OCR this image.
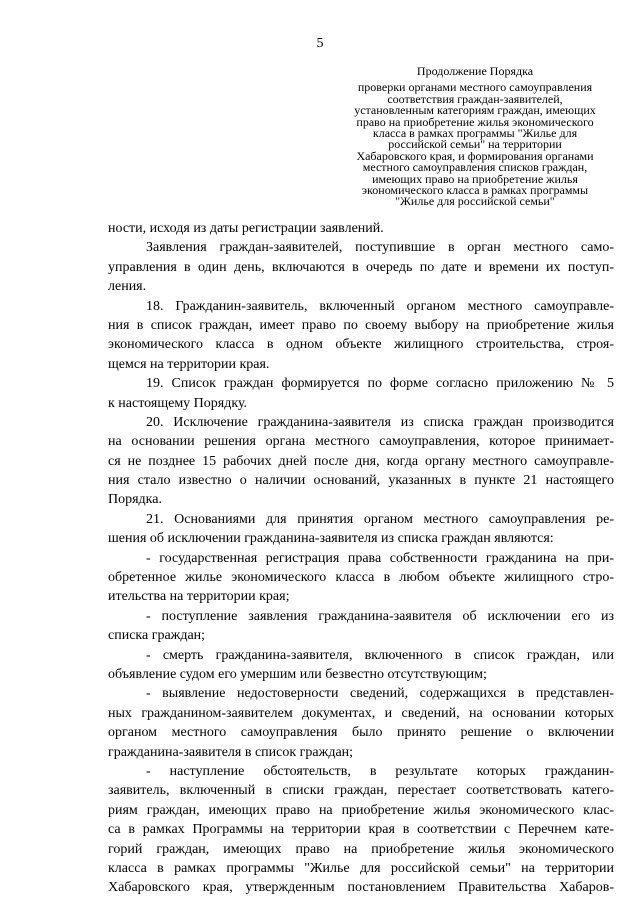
5
Продолжение Порядка
проверки органами местного самоуправления
соответствия граждан-заявителей,
установленным категориям граждан, имеющих
право на приобретение жилья экономического
класса в рамках программы "Жилье для
российской семьи" на территории
Хабаровского края, и формирования органами
местного самоуправления списков граждан,
имеющих право на приобретение жилья
экономического класса в рамках программы
"Жилье для российской семьи"
ности, исходя из даты регистрации заявлений.
Заявления граждан-заявителей, поступившие в орган местного само-
управления в один день, включаются в очередь по дате и времени их поступ-
ления.
18. Гражданин-заявитель, включенный органом местного самоуправле-
ния в список граждан, имеет право по своему выбору на приобретение жилья
экономического класса в одном объекте жилищного строительства, строя-
щемся на территории края.
19. Список граждан формируется по форме согласно приложению № 5
к настоящему Порядку.
20. Исключение гражданина-заявителя из списка граждан производится
на основании решения органа местного самоуправления, которое принимает-
ся не позднее 15 рабочих дней после дня, когда органу местного самоуправле-
ния стало известно о наличии оснований, указанных в пункте 21 настоящего
Порядка.
21. Основаниями для принятия органом местного самоуправления ре-
шения об исключении гражданина-заявителя из списка граждан являются:
- государственная регистрация права собственности гражданина на при-
обретенное жилье экономического класса в любом объекте жилищного стро-
ительства на территории края;
- поступление заявления гражданина-заявителя об исключении его из
списка граждан;
- смерть гражданина-заявителя, включенного в список граждан, или
объявление судом его умершим или безвестно отсутствующим;
- выявление недостоверности сведений, содержащихся в представлен-
ных гражданином-заявителем документах, и сведений, на основании которых
органом местного самоуправления было принято решение о включении
гражданина-заявителя в список граждан;
- наступление обстоятельств, в результате которых гражданин-
заявитель, включенный в списки граждан, перестает соответствовать катего-
риям граждан, имеющих право на приобретение жилья экономического клас-
са в рамках Программы на территории края в соответствии с Перечнем кате-
горий граждан, имеющих право на приобретение жилья экономического
класса в рамках программы "Жилье для российской семьи" на территории
Хабаровского края, утвержденным постановлением Правительства Хабаров-
